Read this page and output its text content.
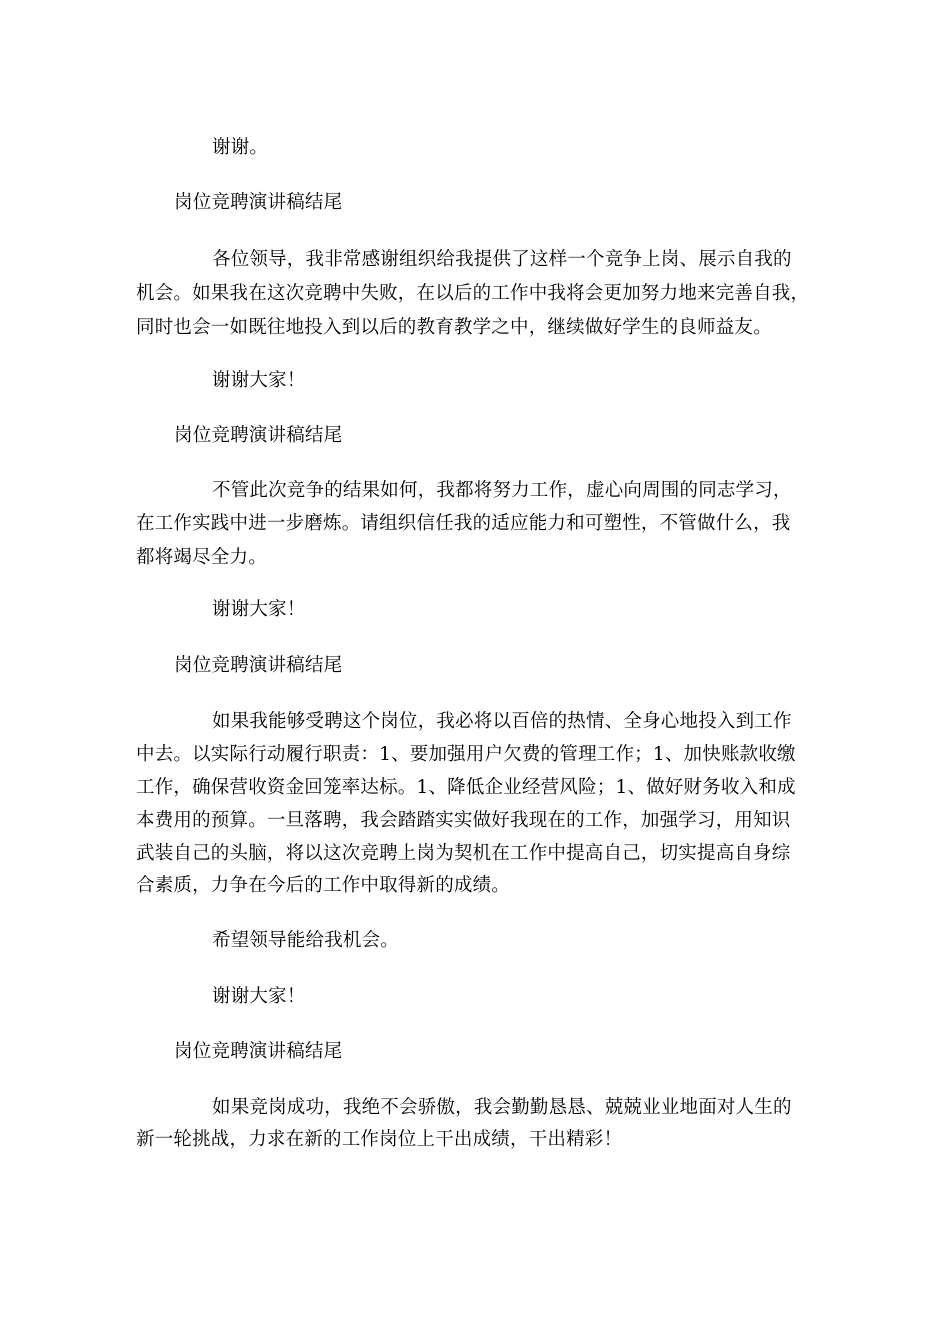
谢谢。
岗位竞聘演讲稿结尾
各位领导，我非常感谢组织给我提供了这样一个竞争上岗、展示自我的
机会。如果我在这次竞聘中失败，在以后的工作中我将会更加努力地来完善自我，
同时也会一如既往地投入到以后的教育教学之中，继续做好学生的良师益友。
谢谢大家！
岗位竞聘演讲稿结尾
不管此次竞争的结果如何，我都将努力工作，虚心向周围的同志学习，
在工作实践中进一步磨炼。请组织信任我的适应能力和可塑性，不管做什么，我
都将竭尽全力。
谢谢大家！
岗位竞聘演讲稿结尾
如果我能够受聘这个岗位，我必将以百倍的热情、全身心地投入到工作
中去。以实际行动履行职责：1、要加强用户欠费的管理工作；1、加快账款收缴
工作，确保营收资金回笼率达标。1、降低企业经营风险；1、做好财务收入和成
本费用的预算。一旦落聘，我会踏踏实实做好我现在的工作，加强学习，用知识
武装自己的头脑，将以这次竞聘上岗为契机在工作中提高自己，切实提高自身综
合素质，力争在今后的工作中取得新的成绩。
希望领导能给我机会。
谢谢大家！
岗位竞聘演讲稿结尾
如果竞岗成功，我绝不会骄傲，我会勤勤恳恳、兢兢业业地面对人生的
新一轮挑战，力求在新的工作岗位上干出成绩，干出精彩！
